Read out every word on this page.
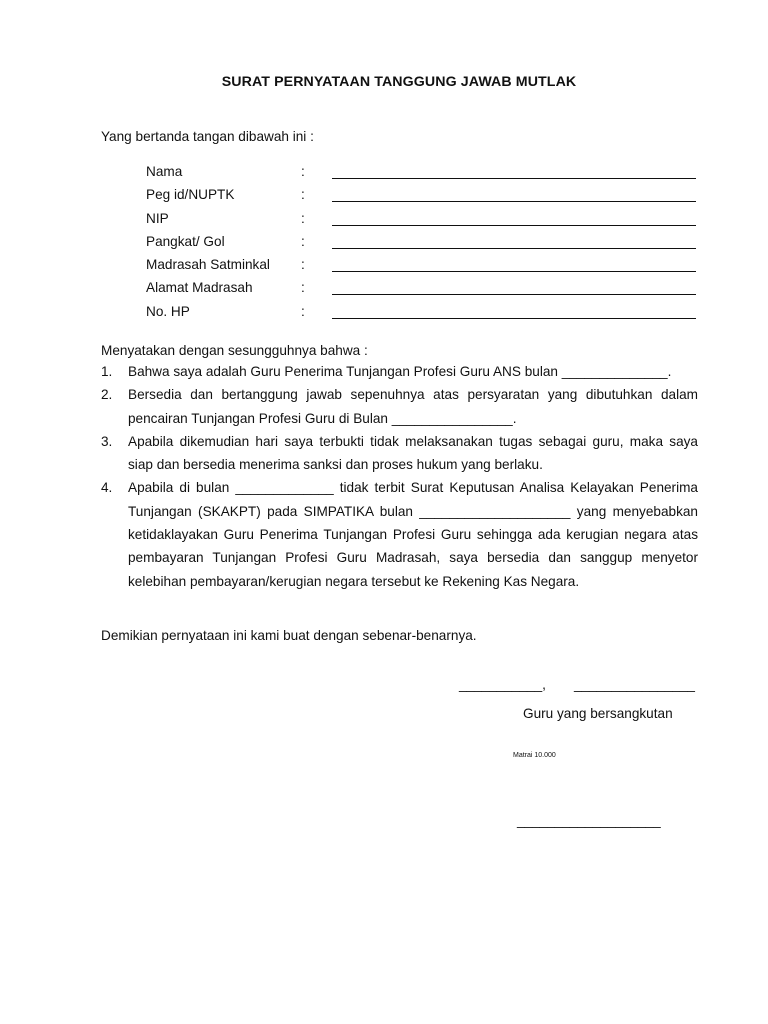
SURAT PERNYATAAN TANGGUNG JAWAB MUTLAK
Yang bertanda tangan dibawah ini :
Nama	:
Peg id/NUPTK	:
NIP	:
Pangkat/ Gol	:
Madrasah Satminkal :
Alamat Madrasah	:
No. HP	:
Menyatakan dengan sesungguhnya bahwa :
1. Bahwa saya adalah Guru Penerima Tunjangan Profesi Guru ANS bulan ______________.
2. Bersedia dan bertanggung jawab sepenuhnya atas persyaratan yang dibutuhkan dalam pencairan Tunjangan Profesi Guru di Bulan ________________.
3. Apabila dikemudian hari saya terbukti tidak melaksanakan tugas sebagai guru, maka saya siap dan bersedia menerima sanksi dan proses hukum yang berlaku.
4. Apabila di bulan _____________ tidak terbit Surat Keputusan Analisa Kelayakan Penerima Tunjangan (SKAKPT) pada SIMPATIKA bulan ____________________ yang menyebabkan ketidaklayakan Guru Penerima Tunjangan Profesi Guru sehingga ada kerugian negara atas pembayaran Tunjangan Profesi Guru Madrasah, saya bersedia dan sanggup menyetor kelebihan pembayaran/kerugian negara tersebut ke Rekening Kas Negara.
Demikian pernyataan ini kami buat dengan sebenar-benarnya.
___________, ________________
Guru yang bersangkutan
Matrai 10.000
___________________
